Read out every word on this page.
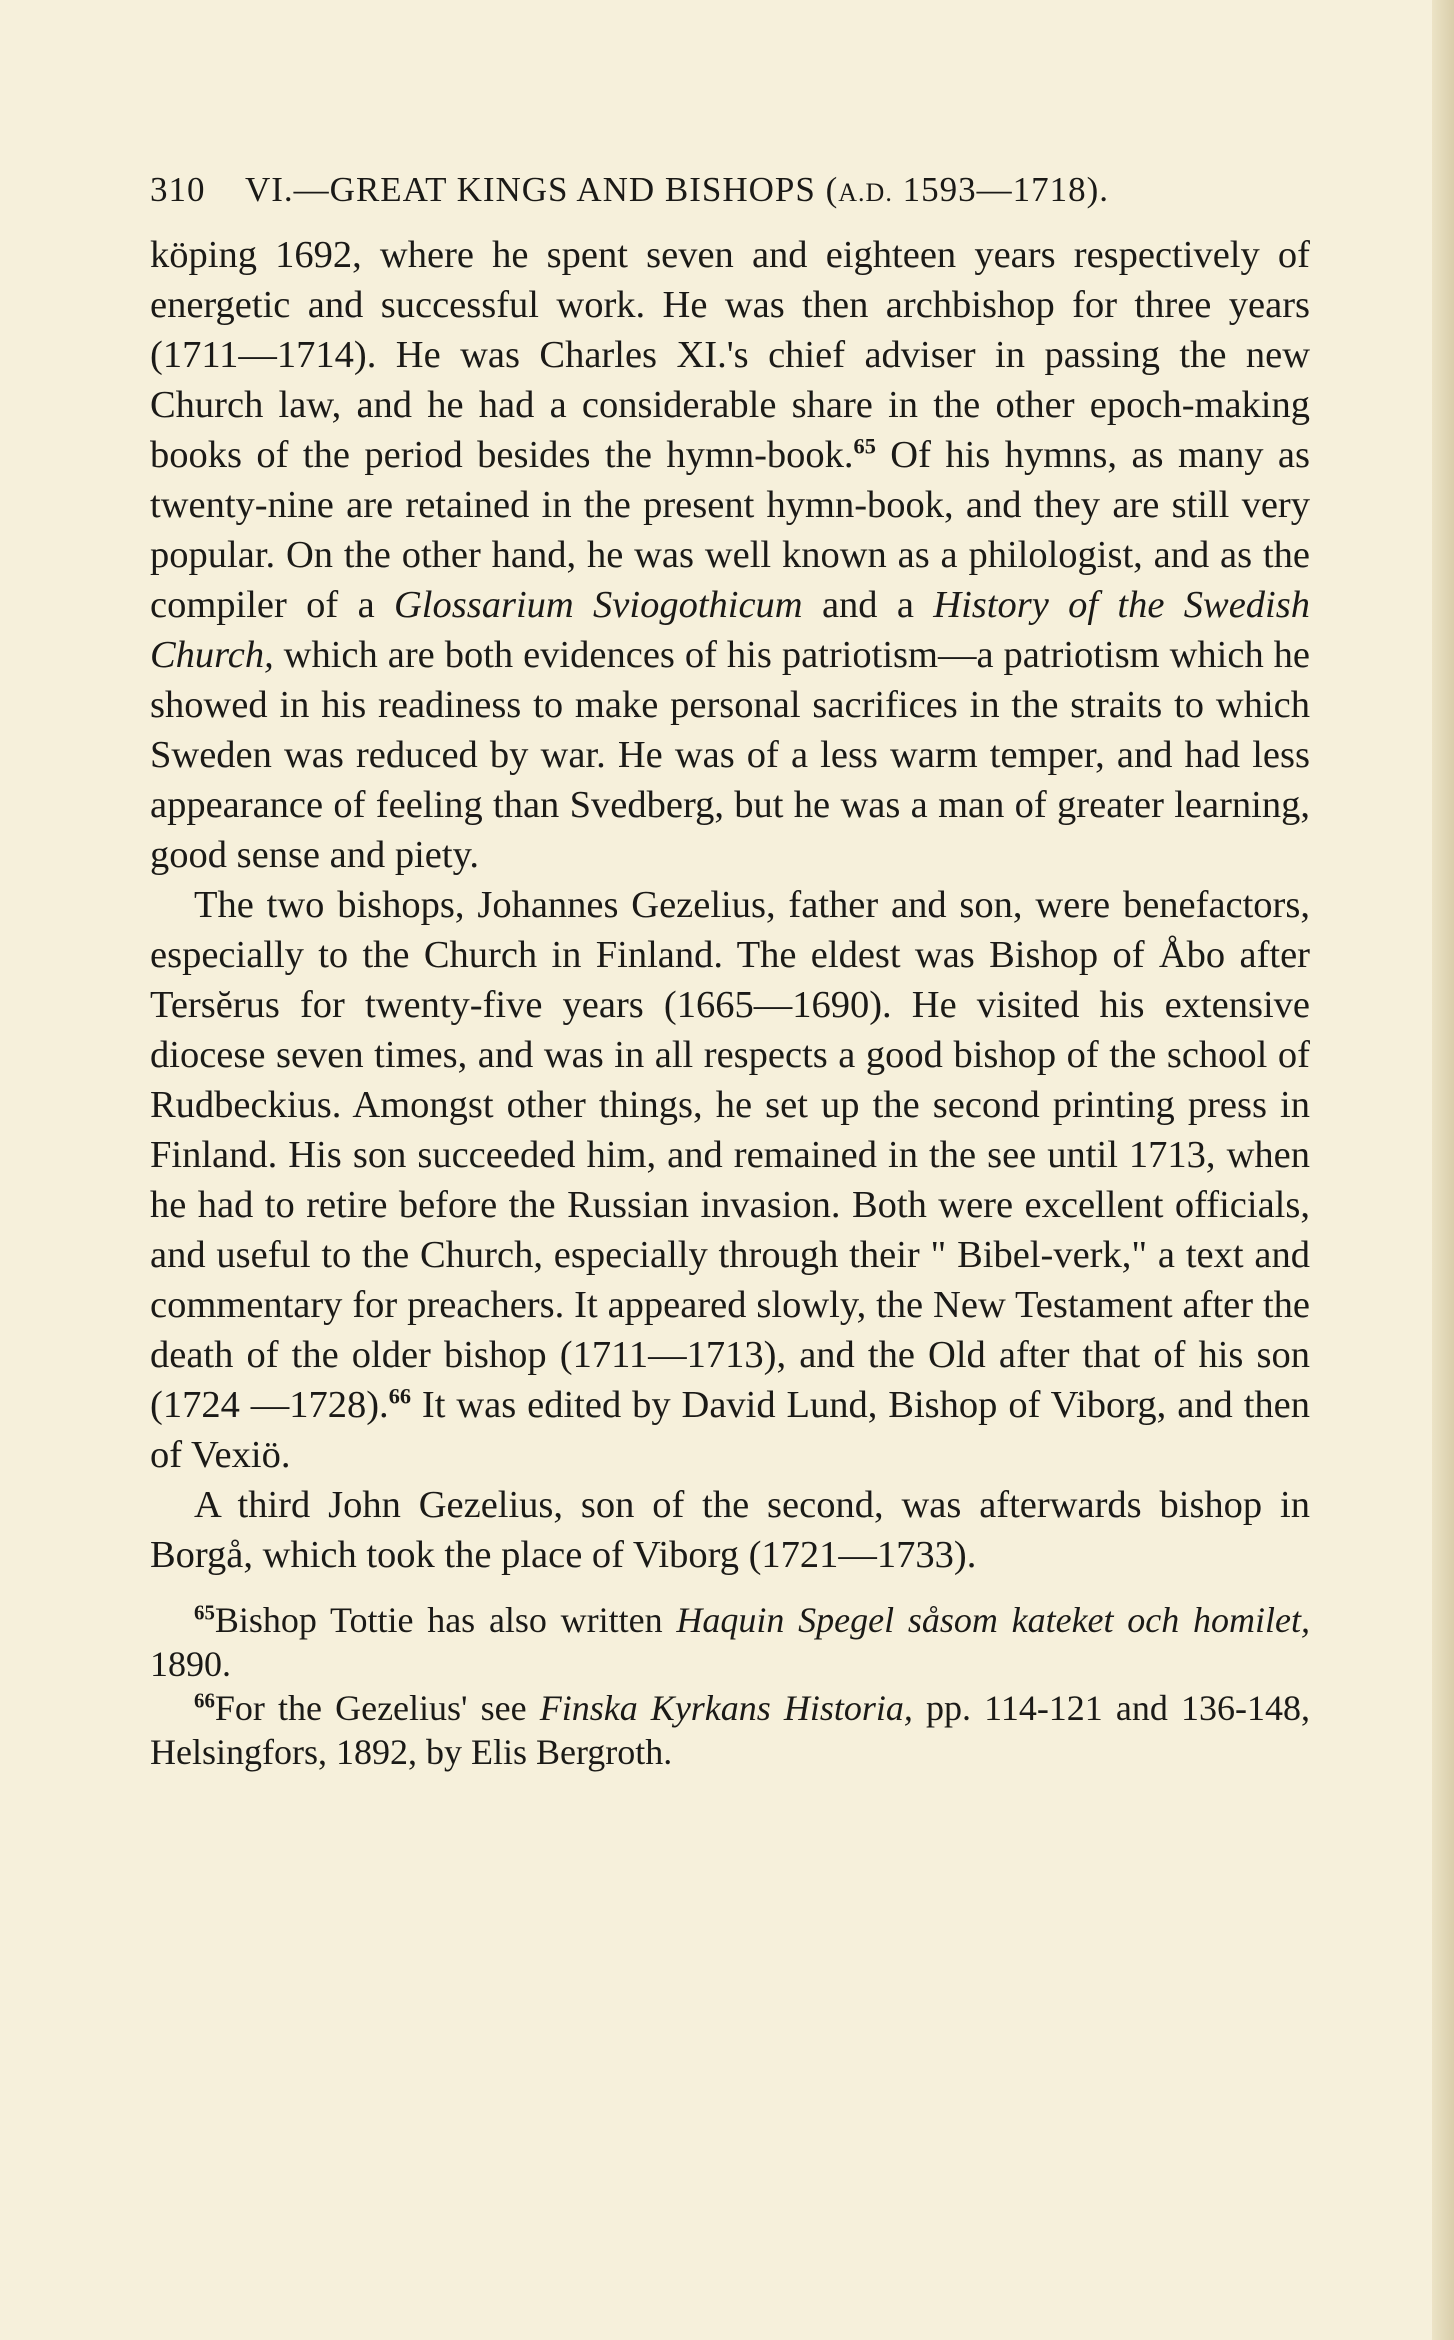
310 VI.—GREAT KINGS AND BISHOPS (A.D. 1593—1718).

köping 1692, where he spent seven and eighteen years respectively of energetic and successful work. He was then archbishop for three years (1711—1714). He was Charles XI.'s chief adviser in passing the new Church law, and he had a considerable share in the other epoch-making books of the period besides the hymn-book.$^{65}$ Of his hymns, as many as twenty-nine are retained in the present hymn-book, and they are still very popular. On the other hand, he was well known as a philologist, and as the compiler of a Glossarium Sviogothicum and a History of the Swedish Church, which are both evidences of his patriotism—a patriotism which he showed in his readiness to make personal sacrifices in the straits to which Sweden was reduced by war. He was of a less warm temper, and had less appearance of feeling than Svedberg, but he was a man of greater learning, good sense and piety.

The two bishops, Johannes Gezelius, father and son, were benefactors, especially to the Church in Finland. The eldest was Bishop of Åbo after Tersĕrus for twenty-five years (1665—1690). He visited his extensive diocese seven times, and was in all respects a good bishop of the school of Rudbeckius. Amongst other things, he set up the second printing press in Finland. His son succeeded him, and remained in the see until 1713, when he had to retire before the Russian invasion. Both were excellent officials, and useful to the Church, especially through their " Bibel-verk," a text and commentary for preachers. It appeared slowly, the New Testament after the death of the older bishop (1711—1713), and the Old after that of his son (1724 —1728).$^{66}$ It was edited by David Lund, Bishop of Viborg, and then of Vexiö.

A third John Gezelius, son of the second, was afterwards bishop in Borgå, which took the place of Viborg (1721—1733).

$^{65}$Bishop Tottie has also written Haquin Spegel såsom kateket och homilet, 1890.

$^{66}$For the Gezelius' see Finska Kyrkans Historia, pp. 114-121 and 136-148, Helsingfors, 1892, by Elis Bergroth.
